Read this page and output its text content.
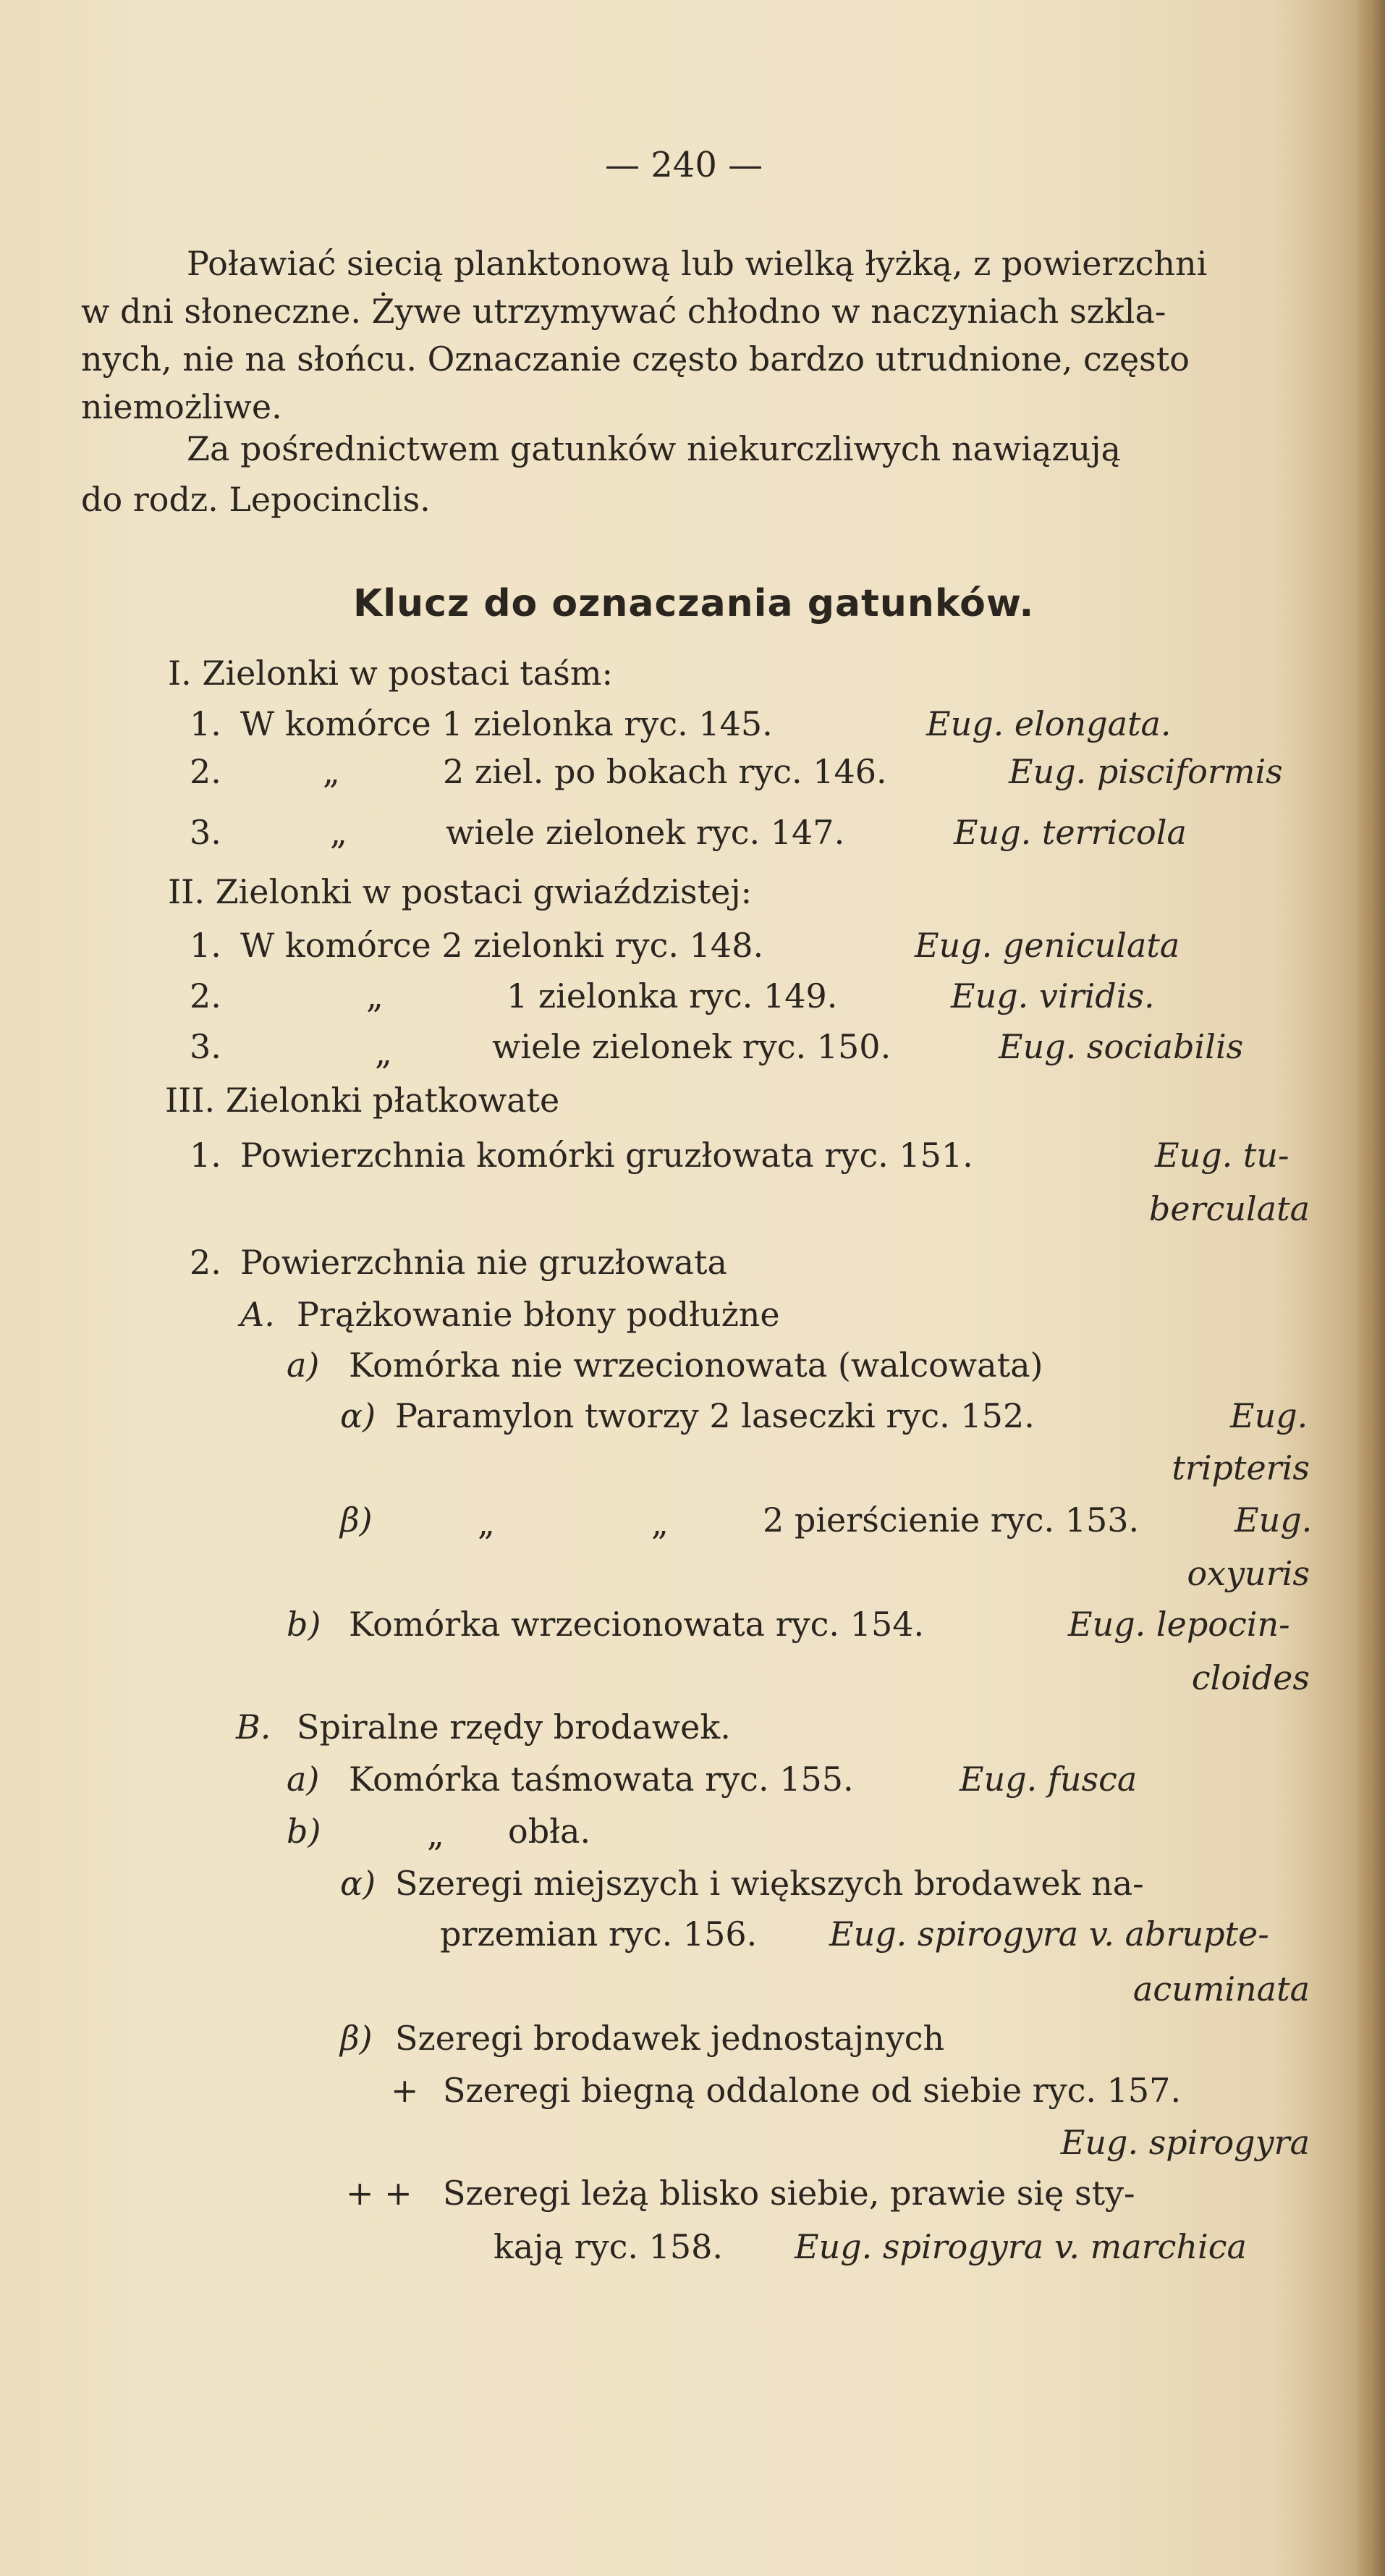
— 240 —
Poławiać siecią planktonową lub wielką łyżką, z powierzchni
w dni słoneczne. Żywe utrzymywać chłodno w naczyniach szkla-
nych, nie na słońcu. Oznaczanie często bardzo utrudnione, często
niemożliwe.
Za pośrednictwem gatunków niekurczliwych nawiązują
do rodz. Lepocinclis.
Klucz do oznaczania gatunków.
I. Zielonki w postaci taśm:
1. W komórce 1 zielonka ryc. 145.	Eug. elongata.
2.	„	2 ziel. po bokach ryc. 146.	Eug. pisciformis
3.	„	wiele zielonek ryc. 147.	Eug. terricola
II. Zielonki w postaci gwiaździstej:
1. W komórce 2 zielonki ryc. 148.	Eug. geniculata
2.	„	1 zielonka ryc. 149.	Eug. viridis.
3.	„	wiele zielonek ryc. 150.	Eug. sociabilis
III. Zielonki płatkowate
1. Powierzchnia komórki gruzłowata ryc. 151.	Eug. tu-
berculata
2. Powierzchnia nie gruzłowata
A. Prążkowanie błony podłużne
a) Komórka nie wrzecionowata (walcowata)
α) Paramylon tworzy 2 laseczki ryc. 152.	Eug.
tripteris
β)	„	„	2 pierścienie ryc. 153.	Eug.
oxyuris
b) Komórka wrzecionowata ryc. 154.	Eug. lepocin-
cloides
B. Spiralne rzędy brodawek.
a) Komórka taśmowata ryc. 155.	Eug. fusca
b)	„ obła.
α) Szeregi miejszych i większych brodawek na-
przemian ryc. 156. Eug. spirogyra v. abrupte-
acuminata
β) Szeregi brodawek jednostajnych
+ Szeregi biegną oddalone od siebie ryc. 157.
Eug. spirogyra
+ + Szeregi leżą blisko siebie, prawie się sty-
kają ryc. 158. Eug. spirogyra v. marchica
